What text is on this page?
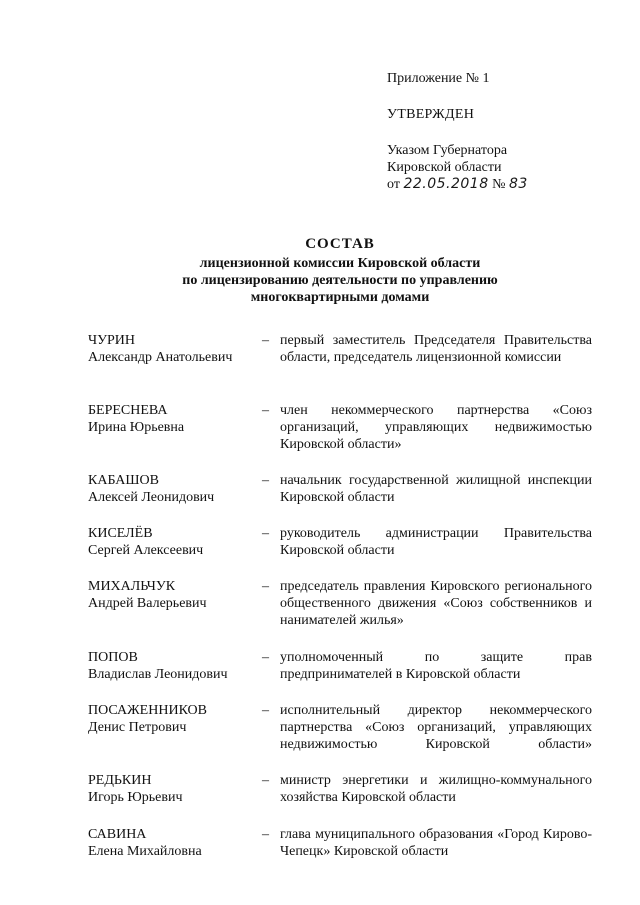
Приложение № 1
УТВЕРЖДЕН
Указом Губернатора
Кировской области
от 22.05.2018 № 83
СОСТАВ
лицензионной комиссии Кировской области
по лицензированию деятельности по управлению
многоквартирными домами
ЧУРИН
Александр Анатольевич
– первый заместитель Председателя Правительства области, председатель лицензионной комиссии
БЕРЕСНЕВА
Ирина Юрьевна
– член некоммерческого партнерства «Союз организаций, управляющих недвижимостью Кировской области»
КАБАШОВ
Алексей Леонидович
– начальник государственной жилищной инспекции Кировской области
КИСЕЛЁВ
Сергей Алексеевич
– руководитель администрации Правительства Кировской области
МИХАЛЬЧУК
Андрей Валерьевич
– председатель правления Кировского регионального общественного движения «Союз собственников и нанимателей жилья»
ПОПОВ
Владислав Леонидович
– уполномоченный по защите прав предпринимателей в Кировской области
ПОСАЖЕННИКОВ
Денис Петрович
– исполнительный директор некоммерческого партнерства «Союз организаций, управляющих недвижимостью Кировской области»
РЕДЬКИН
Игорь Юрьевич
– министр энергетики и жилищно-коммунального хозяйства Кировской области
САВИНА
Елена Михайловна
– глава муниципального образования «Город Кирово-Чепецк» Кировской области
